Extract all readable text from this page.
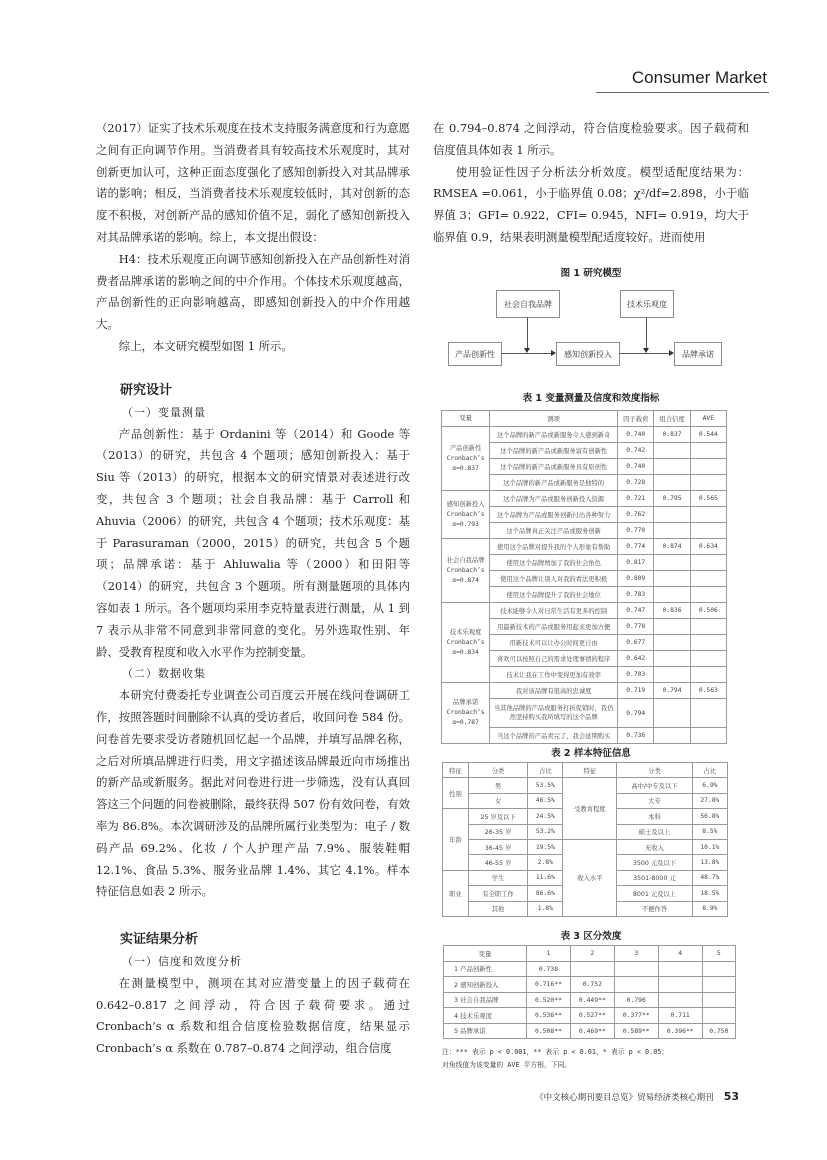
Consumer Market

（2017）证实了技术乐观度在技术支持服务满意度和行为意愿之间有正向调节作用。当消费者具有较高技术乐观度时，其对创新更加认可，这种正面态度强化了感知创新投入对其品牌承诺的影响；相反，当消费者技术乐观度较低时，其对创新的态度不积极，对创新产品的感知价值不足，弱化了感知创新投入对其品牌承诺的影响。综上，本文提出假设：

H4：技术乐观度正向调节感知创新投入在产品创新性对消费者品牌承诺的影响之间的中介作用。个体技术乐观度越高，产品创新性的正向影响越高，即感知创新投入的中介作用越大。

综上，本文研究模型如图 1 所示。

研究设计
（一）变量测量

产品创新性：基于 Ordanini 等（2014）和 Goode 等（2013）的研究，共包含 4 个题项；感知创新投入：基于 Siu 等（2013）的研究，根据本文的研究情景对表述进行改变，共包含 3 个题项；社会自我品牌：基于 Carroll 和 Ahuvia（2006）的研究，共包含 4 个题项；技术乐观度：基于 Parasuraman（2000，2015）的研究，共包含 5 个题项；品牌承诺：基于 Ahluwalia 等（2000）和田阳等（2014）的研究，共包含 3 个题项。所有测量题项的具体内容如表 1 所示。各个题项均采用李克特量表进行测量，从 1 到 7 表示从非常不同意到非常同意的变化。另外选取性别、年龄、受教育程度和收入水平作为控制变量。

（二）数据收集

本研究付费委托专业调查公司百度云开展在线问卷调研工作，按照答题时间删除不认真的受访者后，收回问卷 584 份。问卷首先要求受访者随机回忆起一个品牌，并填写品牌名称，之后对所填品牌进行归类，用文字描述该品牌最近向市场推出的新产品或新服务。据此对问卷进行进一步筛选，没有认真回答这三个问题的问卷被删除，最终获得 507 份有效问卷，有效率为 86.8%。本次调研涉及的品牌所属行业类型为：电子 / 数码产品 69.2%、化妆 / 个人护理产品 7.9%、服装鞋帽 12.1%、食品 5.3%、服务业品牌 1.4%、其它 4.1%。样本特征信息如表 2 所示。

实证结果分析
（一）信度和效度分析

在测量模型中，测项在其对应潜变量上的因子载荷在 0.642–0.817 之间浮动，符合因子载荷要求。通过 Cronbach’s α 系数和组合信度检验数据信度，结果显示 Cronbach’s α 系数在 0.787–0.874 之间浮动，组合信度

在 0.794–0.874 之间浮动，符合信度检验要求。因子载荷和信度值具体如表 1 所示。

使用验证性因子分析法分析效度。模型适配度结果为：RMSEA =0.061，小于临界值 0.08；χ²/df=2.898，小于临界值 3；GFI= 0.922，CFI= 0.945，NFI= 0.919，均大于临界值 0.9，结果表明测量模型配适度较好。进而使用

图 1 研究模型
社会自我品牌	技术乐观度
产品创新性	感知创新投入	品牌承诺
表 1 变量测量及信度和效度指标
变量	测项	因子载荷	组合信度	AVE
产品创新性 Cronbach’s α=0.837	这个品牌的新产品或新服务令人感到新奇	0.740	0.837	0.544
	这个品牌的新产品或新服务富有创新性	0.742		
	这个品牌的新产品或新服务具有原创性	0.740		
	这个品牌的新产品或新服务是独特的	0.728		
感知创新投入 Cronbach’s α=0.793	这个品牌为产品或服务创新投入资源	0.721	0.795	0.565
	这个品牌为产品或服务创新付出各种努力	0.762		
	这个品牌真正关注产品或服务创新	0.770		
社会自我品牌 Cronbach’s α=0.874	使用这个品牌对提升我的个人形象有帮助	0.774	0.874	0.634
	使用这个品牌增加了我的社会角色	0.817		
	使用这个品牌让别人对我的看法更积极	0.809		
	使用这个品牌提升了我的社会地位	0.783		
技术乐观度 Cronbach’s α=0.834	技术能够令人对日常生活有更多的控制	0.747	0.836	0.506
	用最新技术的产品或服务用起来更加方便	0.778		
	用新技术可以让办公时间更自由	0.677		
	喜欢可以按照自己的需求处理事情的程序	0.642		
	技术让我在工作中变得更加有效率	0.703		
品牌承诺 Cronbach’s α=0.787	我对该品牌有很高的忠诚度	0.719	0.794	0.563
	当其他品牌的产品或服务打折促销时，我仍然坚持购买我所填写的这个品牌	0.794		
	当这个品牌的产品卖完了，我会延期购买	0.736		
表 2 样本特征信息
特征	分类	占比	特征	分类	占比
性别	男	53.5%	受教育程度	高中/中专及以下	6.9%
	女	46.5%		大专	27.8%
年龄	25 岁及以下	24.5%		本科	56.8%
	26-35 岁	53.2%		硕士及以上	8.5%
	36-45 岁	19.5%	收入水平	无收入	10.1%
	46-55 岁	2.8%		3500 元及以下	13.8%
职业	学生	11.6%		3501-8000 元	48.7%
	有全职工作	86.6%		8001 元及以上	18.5%
	其他	1.8%		不便作答	8.9%
表 3 区分效度
变量	1	2	3	4	5
1 产品创新性	0.738				
2 感知创新投入	0.716**	0.752			
3 社会自我品牌	0.520**	0.449**	0.796		
4 技术乐观度	0.536**	0.527**	0.377**	0.711	
5 品牌承诺	0.508**	0.469**	0.589**	0.396**	0.750
注：*** 表示 p < 0.001，** 表示 p < 0.01，* 表示 p < 0.05；
对角线值为该变量的 AVE 平方根，下同。
《中文核心期刊要目总览》贸易经济类核心期刊 53
